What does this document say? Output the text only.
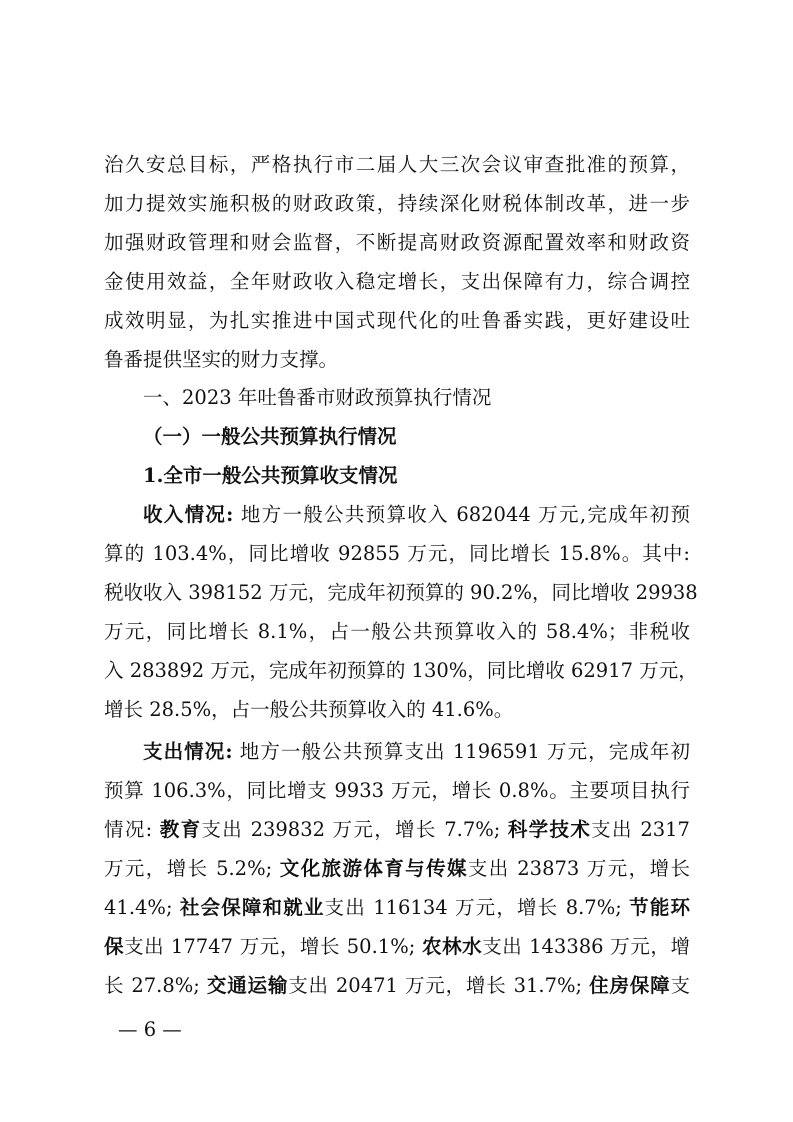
治久安总目标，严格执行市二届人大三次会议审查批准的预算，
加力提效实施积极的财政政策，持续深化财税体制改革，进一步
加强财政管理和财会监督，不断提高财政资源配置效率和财政资
金使用效益，全年财政收入稳定增长，支出保障有力，综合调控
成效明显，为扎实推进中国式现代化的吐鲁番实践，更好建设吐
鲁番提供坚实的财力支撑。
一、2023 年吐鲁番市财政预算执行情况
（一）一般公共预算执行情况
1.全市一般公共预算收支情况
收入情况: 地方一般公共预算收入 682044 万元,完成年初预
算的 103.4%，同比增收 92855 万元，同比增长 15.8%。其中:
税收收入 398152 万元，完成年初预算的 90.2%，同比增收 29938
万元，同比增长 8.1%，占一般公共预算收入的 58.4%；非税收
入 283892 万元，完成年初预算的 130%，同比增收 62917 万元，
增长 28.5%，占一般公共预算收入的 41.6%。
支出情况: 地方一般公共预算支出 1196591 万元，完成年初
预算 106.3%，同比增支 9933 万元，增长 0.8%。主要项目执行
情况: 教育支出 239832 万元，增长 7.7%; 科学技术支出 2317
万元，增长 5.2%; 文化旅游体育与传媒支出 23873 万元，增长
41.4%; 社会保障和就业支出 116134 万元，增长 8.7%; 节能环
保支出 17747 万元，增长 50.1%; 农林水支出 143386 万元，增
长 27.8%; 交通运输支出 20471 万元，增长 31.7%; 住房保障支
— 6 —
